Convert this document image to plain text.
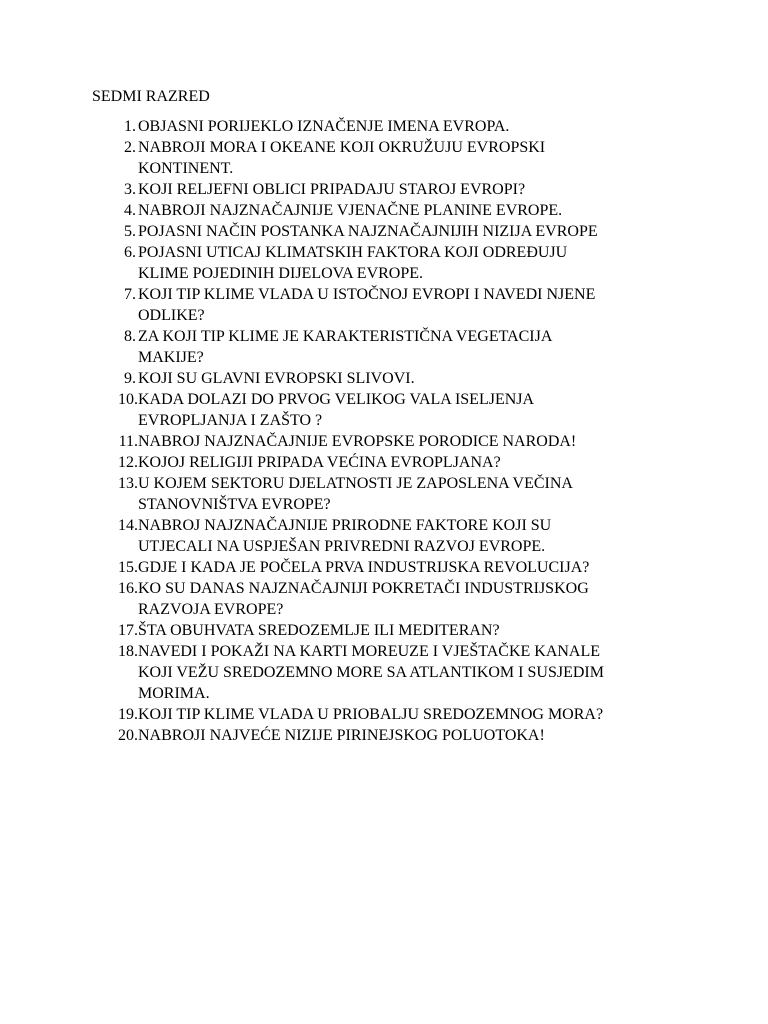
SEDMI RAZRED
1. OBJASNI PORIJEKLO IZNAČENJE IMENA EVROPA.
2. NABROJI MORA I OKEANE KOJI OKRUŽUJU EVROPSKI
KONTINENT.
3. KOJI RELJEFNI OBLICI PRIPADAJU STAROJ EVROPI?
4. NABROJI NAJZNAČAJNIJE VJENAČNE PLANINE EVROPE.
5. POJASNI NAČIN POSTANKA NAJZNAČAJNIJIH NIZIJA EVROPE
6. POJASNI UTICAJ KLIMATSKIH FAKTORA KOJI ODREĐUJU
KLIME POJEDINIH DIJELOVA EVROPE.
7. KOJI TIP KLIME VLADA U ISTOČNOJ EVROPI I NAVEDI NJENE
ODLIKE?
8. ZA KOJI TIP KLIME JE KARAKTERISTIČNA VEGETACIJA
MAKIJE?
9. KOJI SU GLAVNI EVROPSKI SLIVOVI.
10. KADA DOLAZI DO PRVOG VELIKOG VALA ISELJENJA
EVROPLJANJA I ZAŠTO ?
11. NABROJ NAJZNAČAJNIJE EVROPSKE PORODICE NARODA!
12. KOJOJ RELIGIJI PRIPADA VEĆINA EVROPLJANA?
13. U KOJEM SEKTORU DJELATNOSTI JE ZAPOSLENA VEČINA
STANOVNIŠTVA EVROPE?
14. NABROJ NAJZNAČAJNIJE PRIRODNE FAKTORE KOJI SU
UTJECALI NA USPJEŠAN PRIVREDNI RAZVOJ EVROPE.
15. GDJE I KADA JE POČELA PRVA INDUSTRIJSKA REVOLUCIJA?
16. KO SU DANAS NAJZNAČAJNIJI POKRETAČI INDUSTRIJSKOG
RAZVOJA EVROPE?
17. ŠTA OBUHVATA SREDOZEMLJE ILI MEDITERAN?
18. NAVEDI I POKAŽI NA KARTI MOREUZE I VJEŠTAČKE KANALE
KOJI VEŽU SREDOZEMNO MORE SA ATLANTIKOM I SUSJEDIM
MORIMA.
19. KOJI TIP KLIME VLADA U PRIOBALJU SREDOZEMNOG MORA?
20. NABROJI NAJVEĆE NIZIJE PIRINEJSKOG POLUOTOKA!
